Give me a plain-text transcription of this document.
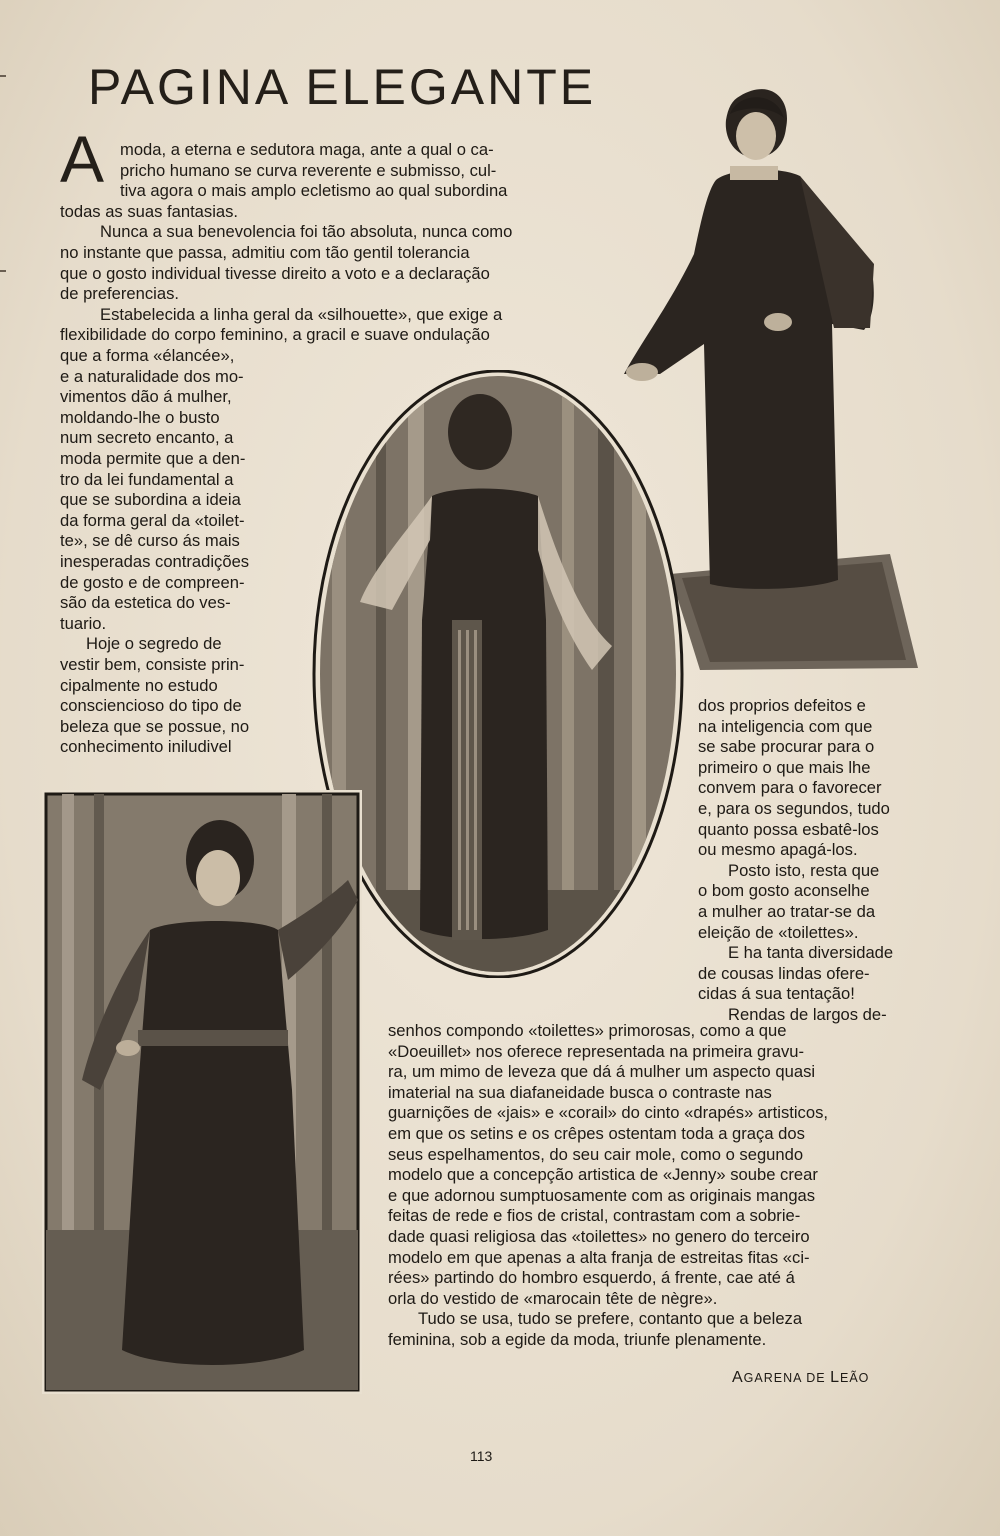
PAGINA ELEGANTE
A moda, a eterna e sedutora maga, ante a qual o ca-
pricho humano se curva reverente e submisso, cul-
tiva agora o mais amplo ecletismo ao qual subordina
todas as suas fantasias.
Nunca a sua benevolencia foi tão absoluta, nunca como
no instante que passa, admitiu com tão gentil tolerancia
que o gosto individual tivesse direito a voto e a declaração
de preferencias.
Estabelecida a linha geral da «silhouette», que exige a
flexibilidade do corpo feminino, a gracil e suave ondulação
que a forma «élancée»,
e a naturalidade dos mo-
vimentos dão á mulher,
moldando-lhe o busto
num secreto encanto, a
moda permite que a den-
tro da lei fundamental a
que se subordina a ideia
da forma geral da «toilet-
te», se dê curso ás mais
inesperadas contradições
de gosto e de compreen-
são da estetica do ves-
tuario.
Hoje o segredo de
vestir bem, consiste prin-
cipalmente no estudo
consciencioso do tipo de
beleza que se possue, no
conhecimento iniludivel
dos proprios defeitos e
na inteligencia com que
se sabe procurar para o
primeiro o que mais lhe
convem para o favorecer
e, para os segundos, tudo
quanto possa esbatê-los
ou mesmo apagá-los.
Posto isto, resta que
o bom gosto aconselhe
a mulher ao tratar-se da
eleição de «toilettes».
E ha tanta diversidade
de cousas lindas ofere-
cidas á sua tentação!
Rendas de largos de-
senhos compondo «toilettes» primorosas, como a que
«Doeuillet» nos oferece representada na primeira gravu-
ra, um mimo de leveza que dá á mulher um aspecto quasi
imaterial na sua diafaneidade busca o contraste nas
guarnições de «jais» e «corail» do cinto «drapés» artisticos,
em que os setins e os crêpes ostentam toda a graça dos
seus espelhamentos, do seu cair mole, como o segundo
modelo que a concepção artistica de «Jenny» soube crear
e que adornou sumptuosamente com as originais mangas
feitas de rede e fios de cristal, contrastam com a sobrie-
dade quasi religiosa das «toilettes» no genero do terceiro
modelo em que apenas a alta franja de estreitas fitas «ci-
rées» partindo do hombro esquerdo, á frente, cae até á
orla do vestido de «marocain tête de nègre».
Tudo se usa, tudo se prefere, contanto que a beleza
feminina, sob a egide da moda, triunfe plenamente.
AGARENA DE LEÃO
113
